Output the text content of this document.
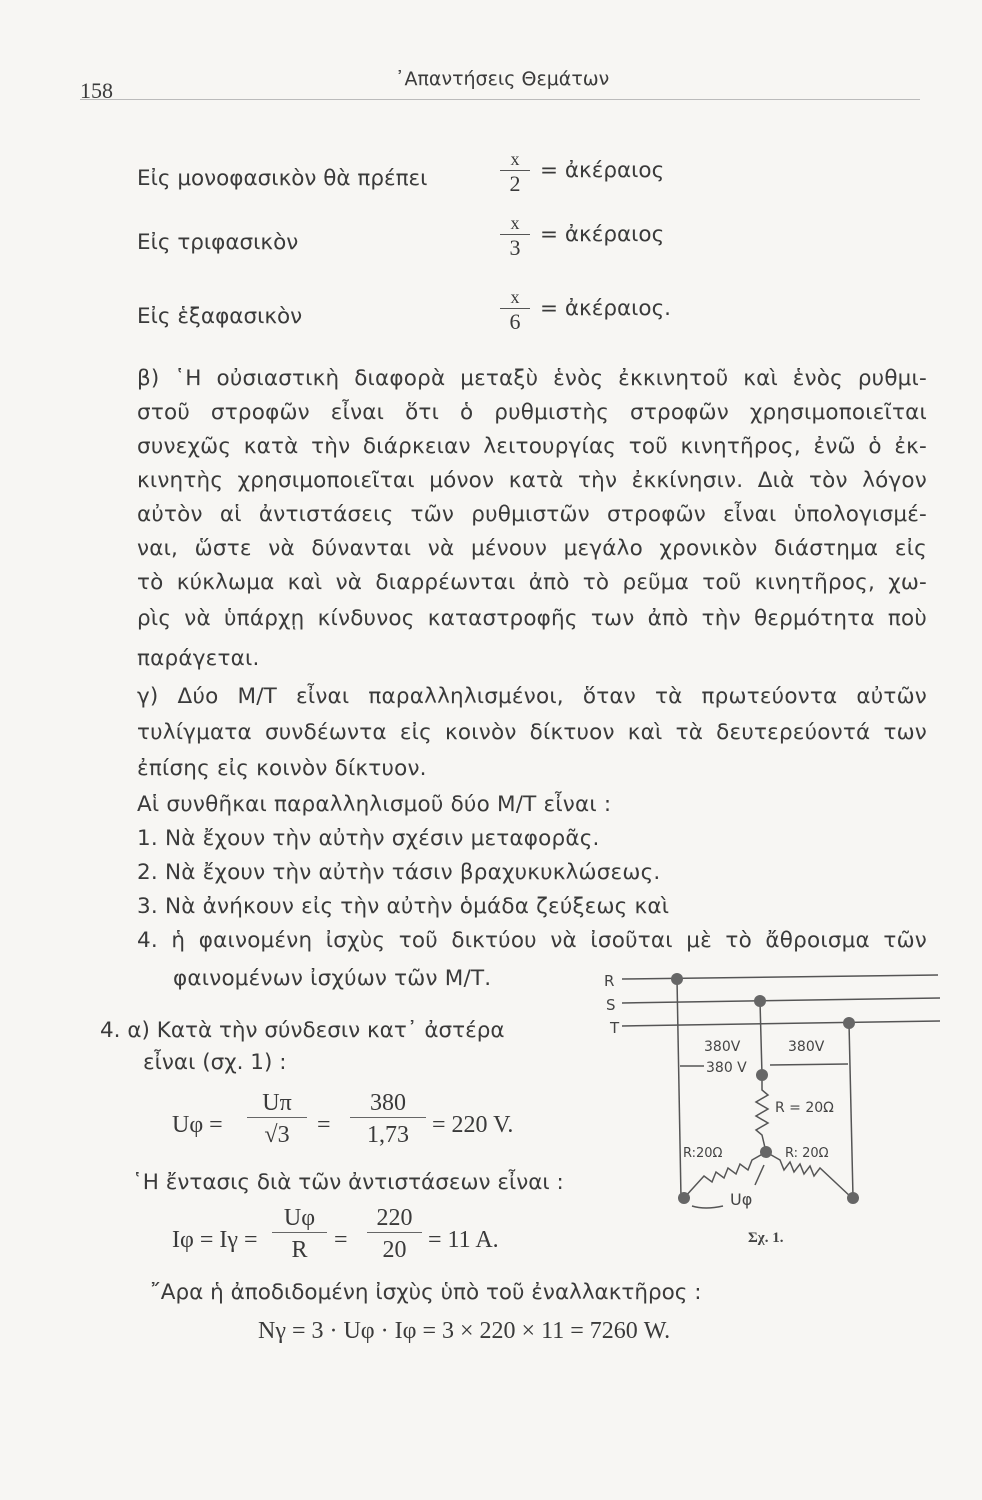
158	᾿Απαντήσεις Θεμάτων
Εἰς μονοφασικὸν θὰ πρέπει
x
2
= ἀκέραιος
Εἰς τριφασικὸν
x
3
= ἀκέραιος
Εἰς ἑξαφασικὸν
x
6
= ἀκέραιος.
β) ῾Η οὐσιαστικὴ διαφορὰ μεταξὺ ἑνὸς ἐκκινητοῦ καὶ ἑνὸς ρυθμι-
στοῦ στροφῶν εἶναι ὅτι ὁ ρυθμιστὴς στροφῶν χρησιμοποιεῖται
συνεχῶς κατὰ τὴν διάρκειαν λειτουργίας τοῦ κινητῆρος, ἐνῶ ὁ ἐκ-
κινητὴς χρησιμοποιεῖται μόνον κατὰ τὴν ἐκκίνησιν. Διὰ τὸν λόγον
αὐτὸν αἱ ἀντιστάσεις τῶν ρυθμιστῶν στροφῶν εἶναι ὑπολογισμέ-
ναι, ὥστε νὰ δύνανται νὰ μένουν μεγάλο χρονικὸν διάστημα εἰς
τὸ κύκλωμα καὶ νὰ διαρρέωνται ἀπὸ τὸ ρεῦμα τοῦ κινητῆρος, χω-
ρὶς νὰ ὑπάρχῃ κίνδυνος καταστροφῆς των ἀπὸ τὴν θερμότητα ποὺ
παράγεται.
γ) Δύο Μ/Τ εἶναι παραλληλισμένοι, ὅταν τὰ πρωτεύοντα αὐτῶν
τυλίγματα συνδέωντα εἰς κοινὸν δίκτυον καὶ τὰ δευτερεύοντά των
ἐπίσης εἰς κοινὸν δίκτυον.
Αἱ συνθῆκαι παραλληλισμοῦ δύο Μ/Τ εἶναι :
1. Νὰ ἔχουν τὴν αὐτὴν σχέσιν μεταφορᾶς.
2. Νὰ ἔχουν τὴν αὐτὴν τάσιν βραχυκυκλώσεως.
3. Νὰ ἀνήκουν εἰς τὴν αὐτὴν ὁμάδα ζεύξεως καὶ
4. ἡ φαινομένη ἰσχὺς τοῦ δικτύου νὰ ἰσοῦται μὲ τὸ ἄθροισμα τῶν
φαινομένων ἰσχύων τῶν Μ/Τ.
4. α) Κατὰ τὴν σύνδεσιν κατ᾿ ἀστέρα
εἶναι (σχ. 1) :
Uφ =
Uπ
√3	=
380
1,73 = 220 V.
῾Η ἔντασις διὰ τῶν ἀντιστάσεων εἶναι :
Iφ = Iγ =
Uφ
R	=
220
20 = 11 A.
῎Αρα ἡ ἀποδιδομένη ἰσχὺς ὑπὸ τοῦ ἐναλλακτῆρος :
Nγ = 3 · Uφ · Iφ = 3 × 220 × 11 = 7260 W.
R
S
T
380V	380V
380 V
R = 20Ω
R:20Ω	R: 20Ω
Uφ
Σχ. 1.
